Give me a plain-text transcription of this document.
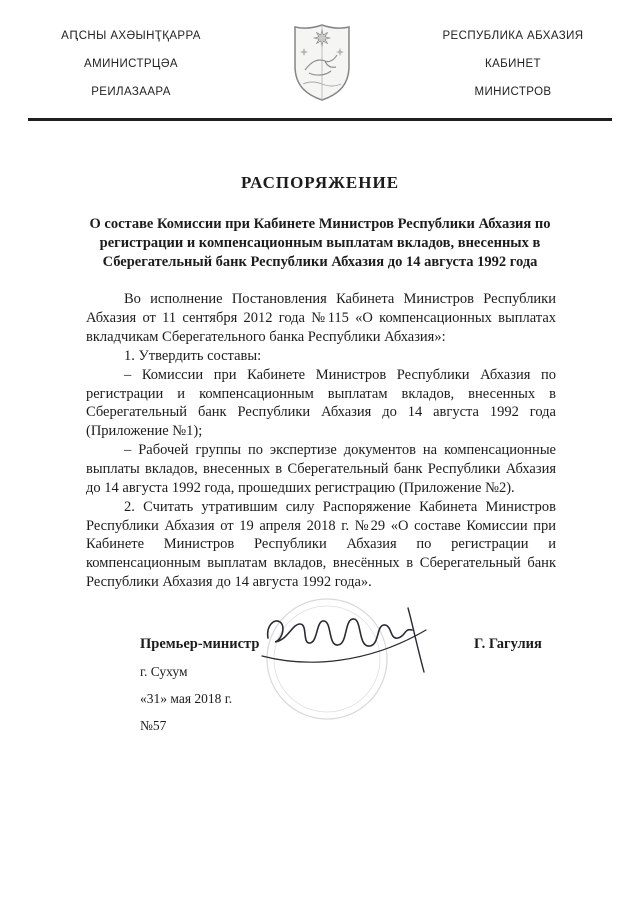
АԤСНЫ АХӘЫНҬҚАРРА
АМИНИСТРЦӘА
РЕИЛАЗААРА
РЕСПУБЛИКА АБХАЗИЯ
КАБИНЕТ
МИНИСТРОВ
РАСПОРЯЖЕНИЕ
О составе Комиссии при Кабинете Министров Республики Абхазия по регистрации и компенсационным выплатам вкладов, внесенных в Сберегательный банк Республики Абхазия до 14 августа 1992 года

Во исполнение Постановления Кабинета Министров Республики Абхазия от 11 сентября 2012 года №115 «О компенсационных выплатах вкладчикам Сберегательного банка Республики Абхазия»:

1. Утвердить составы:

– Комиссии при Кабинете Министров Республики Абхазия по регистрации и компенсационным выплатам вкладов, внесенных в Сберегательный банк Республики Абхазия до 14 августа 1992 года (Приложение №1);

– Рабочей группы по экспертизе документов на компенсационные выплаты вкладов, внесенных в Сберегательный банк Республики Абхазия до 14 августа 1992 года, прошедших регистрацию (Приложение №2).

2. Считать утратившим силу Распоряжение Кабинета Министров Республики Абхазия от 19 апреля 2018 г. №29 «О составе Комиссии при Кабинете Министров Республики Абхазия по регистрации и компенсационным выплатам вкладов, внесённых в Сберегательный банк Республики Абхазия до 14 августа 1992 года».

Премьер-министр	Г. Гагулия
г. Сухум
«31» мая 2018 г.
№57
